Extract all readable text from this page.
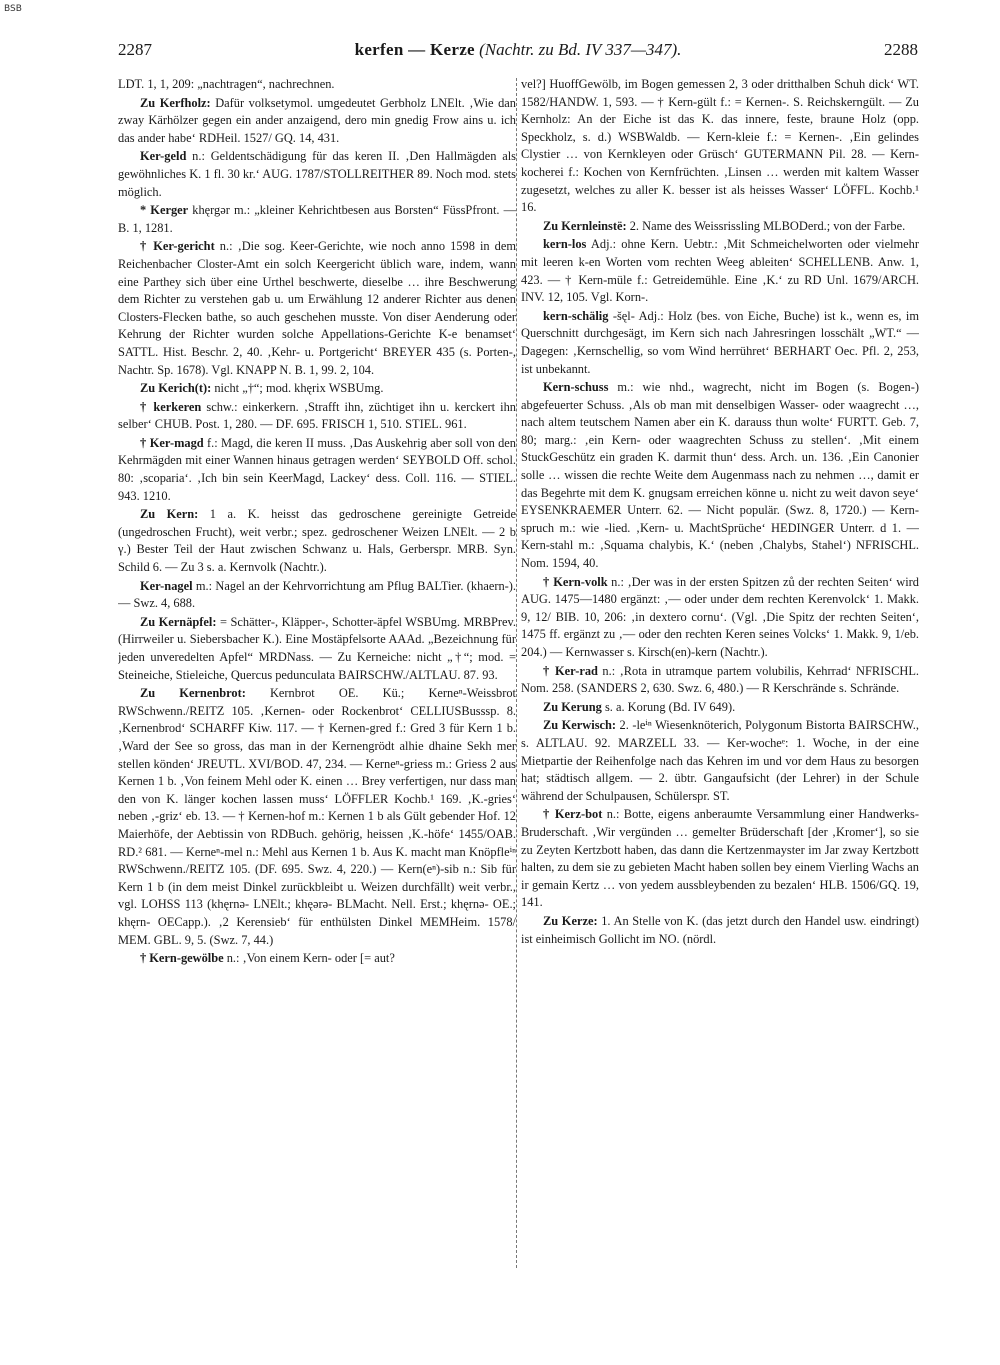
BSB
2287	kerfen — Kerze (Nachtr. zu Bd. IV 337—347).	2288

LDT. 1, 1, 209: „nachtragen“, nachrechnen.

Zu Kerfholz: Dafür volksetymol. umgedeutet Gerbholz LNElt. ‚Wie dan zway Kärhölzer gegen ein ander anzaigend, dero min gnedig Frow ains u. ich das ander habe‘ RDHeil. 1527/ GQ. 14, 431.

Ker-geld n.: Geldentschädigung für das keren II. ‚Den Hallmägden als gewöhnliches K. 1 fl. 30 kr.‘ AUG. 1787/STOLLREITHER 89. Noch mod. stets möglich.

* Kerger khęrgər m.: „kleiner Kehrichtbesen aus Borsten“ FüssPfront. — B. 1, 1281.

† Ker-gericht n.: ‚Die sog. Keer-Gerichte, wie noch anno 1598 in dem Reichenbacher Closter-Amt ein solch Keergericht üblich ware, indem, wann eine Parthey sich über eine Urthel beschwerte, dieselbe … ihre Beschwerung dem Richter zu verstehen gab u. um Erwählung 12 anderer Richter aus denen Closters-Flecken bathe, so auch geschehen musste. Von diser Aenderung oder Kehrung der Richter wurden solche Appellations-Gerichte K-e benamset‘ SATTL. Hist. Beschr. 2, 40. ‚Kehr- u. Portgericht‘ BREYER 435 (s. Porten-, Nachtr. Sp. 1678). Vgl. KNAPP N. B. 1, 99. 2, 104.

Zu Kerich(t): nicht „†“; mod. khęrix WSBUmg.

† kerkeren schw.: einkerkern. ‚Strafft ihn, züchtiget ihn u. kerckert ihn selber‘ CHUB. Post. 1, 280. — DF. 695. FRISCH 1, 510. STIEL. 961.

† Ker-magd f.: Magd, die keren II muss. ‚Das Auskehrig aber soll von den Kehrmägden mit einer Wannen hinaus getragen werden‘ SEYBOLD Off. schol. 80: ‚scoparia‘. ‚Ich bin sein KeerMagd, Lackey‘ dess. Coll. 116. — STIEL. 943. 1210.

Zu Kern: 1 a. K. heisst das gedroschene gereinigte Getreide (ungedroschen Frucht), weit verbr.; spez. gedroschener Weizen LNElt. — 2 b γ.) Bester Teil der Haut zwischen Schwanz u. Hals, Gerberspr. MRB. Syn. Schild 6. — Zu 3 s. a. Kernvolk (Nachtr.).

Ker-nagel m.: Nagel an der Kehrvorrichtung am Pflug BALTier. (khaern-). — Swz. 4, 688.

Zu Kernäpfel: = Schätter-, Kläpper-, Schotter-äpfel WSBUmg. MRBPrev. (Hirrweiler u. Siebersbacher K.). Eine Mostäpfelsorte AAAd. „Bezeichnung für jeden unveredelten Apfel“ MRDNass. — Zu Kerneiche: nicht „†“; mod. = Steineiche, Stieleiche, Quercus pedunculata BAIRSCHW./ALTLAU. 87. 93.

Zu Kernenbrot: Kernbrot OE. Kü.; Kerneⁿ-Weissbrot RWSchwenn./REITZ 105. ‚Kernen- oder Rockenbrot‘ CELLIUSBusssp. 8. ‚Kernenbrod‘ SCHARFF Kiw. 117. — † Kernen-gred f.: Gred 3 für Kern 1 b. ‚Ward der See so gross, das man in der Kernengrödt alhie dhaine Sekh mer stellen könden‘ JREUTL. XVI/BOD. 47, 234. — Kerneⁿ-griess m.: Griess 2 aus Kernen 1 b. ‚Von feinem Mehl oder K. einen … Brey verfertigen, nur dass man den von K. länger kochen lassen muss‘ LÖFFLER Kochb.¹ 169. ‚K.-gries‘ neben ‚-griz‘ eb. 13. — † Kernen-hof m.: Kernen 1 b als Gült gebender Hof. 12 Maierhöfe, der Aebtissin von RDBuch. gehörig, heissen ‚K.-höfe‘ 1455/OAB. RD.² 681. — Kerneⁿ-mel n.: Mehl aus Kernen 1 b. Aus K. macht man Knöpfleⁱⁿ RWSchwenn./REITZ 105. (DF. 695. Swz. 4, 220.) — Kern(eⁿ)-sib n.: Sib für Kern 1 b (in dem meist Dinkel zurückbleibt u. Weizen durchfällt) weit verbr., vgl. LOHSS 113 (khęrnə- LNElt.; khęərə- BLMacht. Nell. Erst.; khęrnə- OE.; khęrn- OECapp.). ‚2 Kerensieb‘ für enthülsten Dinkel MEMHeim. 1578/ MEM. GBL. 9, 5. (Swz. 7, 44.)

† Kern-gewölbe n.: ‚Von einem Kern- oder [= aut?

vel?] HuoffGewölb, im Bogen gemessen 2, 3 oder dritthalben Schuh dick‘ WT. 1582/HANDW. 1, 593. — † Kern-gült f.: = Kernen-. S. Reichskerngült. — Zu Kernholz: An der Eiche ist das K. das innere, feste, braune Holz (opp. Speckholz, s. d.) WSBWaldb. — Kern-kleie f.: = Kernen-. ‚Ein gelindes Clystier … von Kernkleyen oder Grüsch‘ GUTERMANN Pil. 28. — Kern-kocherei f.: Kochen von Kernfrüchten. ‚Linsen … werden mit kaltem Wasser zugesetzt, welches zu aller K. besser ist als heisses Wasser‘ LÖFFL. Kochb.¹ 16.

Zu Kernleinstë: 2. Name des Weissrissling MLBODerd.; von der Farbe.

kern-los Adj.: ohne Kern. Uebtr.: ‚Mit Schmeichelworten oder vielmehr mit leeren k-en Worten vom rechten Weeg ableiten‘ SCHELLENB. Anw. 1, 423. — † Kern-müle f.: Getreidemühle. Eine ‚K.‘ zu RD Unl. 1679/ARCH. INV. 12, 105. Vgl. Korn-.

kern-schälig -šęl- Adj.: Holz (bes. von Eiche, Buche) ist k., wenn es, im Querschnitt durchgesägt, im Kern sich nach Jahresringen losschält „WT.“ — Dagegen: ‚Kernschellig, so vom Wind herrühret‘ BERHART Oec. Pfl. 2, 253, ist unbekannt.

Kern-schuss m.: wie nhd., wagrecht, nicht im Bogen (s. Bogen-) abgefeuerter Schuss. ‚Als ob man mit denselbigen Wasser- oder waagrecht …, nach altem teutschem Namen aber ein K. darauss thun wolte‘ FURTT. Geb. 7, 80; marg.: ‚ein Kern- oder waagrechten Schuss zu stellen‘. ‚Mit einem StuckGeschütz ein graden K. darmit thun‘ dess. Arch. un. 136. ‚Ein Canonier solle … wissen die rechte Weite dem Augenmass nach zu nehmen …, damit er das Begehrte mit dem K. gnugsam erreichen könne u. nicht zu weit davon seye‘ EYSENKRAEMER Unterr. 62. — Nicht populär. (Swz. 8, 1720.) — Kern-spruch m.: wie -lied. ‚Kern- u. MachtSprüche‘ HEDINGER Unterr. d 1. — Kern-stahl m.: ‚Squama chalybis, K.‘ (neben ‚Chalybs, Stahel‘) NFRISCHL. Nom. 1594, 40.

† Kern-volk n.: ‚Der was in der ersten Spitzen zů der rechten Seiten‘ wird AUG. 1475—1480 ergänzt: ‚— oder under dem rechten Kerenvolck‘ 1. Makk. 9, 12/ BIB. 10, 206: ‚in dextero cornu‘. (Vgl. ‚Die Spitz der rechten Seiten‘, 1475 ff. ergänzt zu ‚— oder den rechten Keren seines Volcks‘ 1. Makk. 9, 1/eb. 204.) — Kernwasser s. Kirsch(en)-kern (Nachtr.).

† Ker-rad n.: ‚Rota in utramque partem volubilis, Kehrrad‘ NFRISCHL. Nom. 258. (SANDERS 2, 630. Swz. 6, 480.) — R Kerschrände s. Schrände.

Zu Kerung s. a. Korung (Bd. IV 649).

Zu Kerwisch: 2. -leⁱⁿ Wiesenknöterich, Polygonum Bistorta BAIRSCHW., s. ALTLAU. 92. MARZELL 33. — Ker-wocheᵉ: 1. Woche, in der eine Mietpartie der Reihenfolge nach das Kehren im und vor dem Haus zu besorgen hat; städtisch allgem. — 2. übtr. Gangaufsicht (der Lehrer) in der Schule während der Schulpausen, Schülerspr. ST.

† Kerz-bot n.: Botte, eigens anberaumte Versammlung einer Handwerks-Bruderschaft. ‚Wir vergünden … gemelter Brüderschaft [der ‚Kromer‘], so sie zu Zeyten Kertzbott haben, das dann die Kertzenmayster im Jar zway Kertzbott halten, zu dem sie zu gebieten Macht haben sollen bey einem Vierling Wachs an ir gemain Kertz … von yedem aussbleybenden zu bezalen‘ HLB. 1506/GQ. 19, 141.

Zu Kerze: 1. An Stelle von K. (das jetzt durch den Handel usw. eindringt) ist einheimisch Gollicht im NO. (nördl.
